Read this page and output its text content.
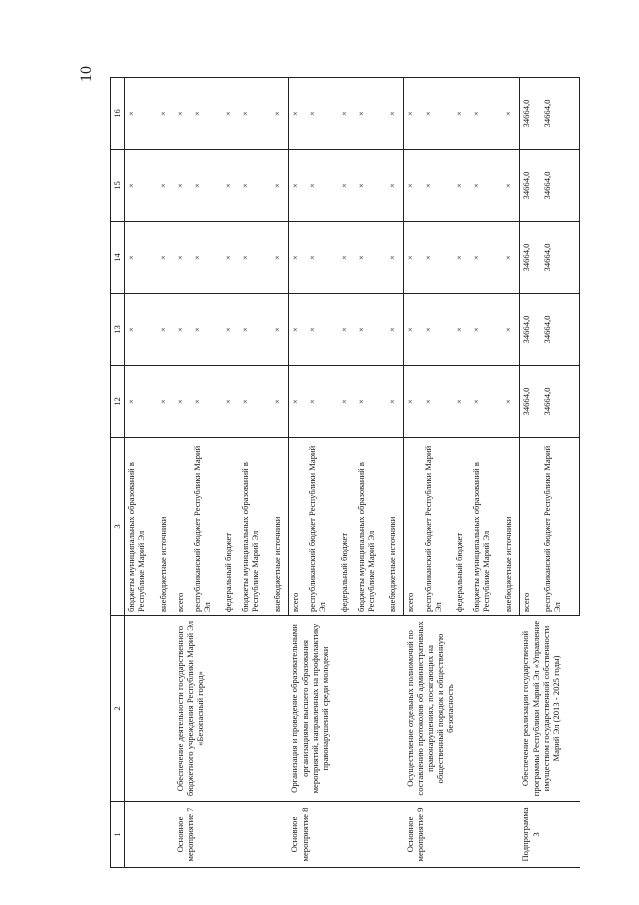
10
1	2	3	12	13	14	15	16
		бюджеты муниципальных образований в Республике Марий Эл	×	×	×	×	×
		внебюджетные источники	×	×	×	×	×
Основное мероприятие 7	Обеспечение деятельности государственного бюджетного учреждения Республики Марий Эл «Безопасный город»	всего	×	×	×	×	×
		республиканский бюджет Республики Марий Эл	×	×	×	×	×
		федеральный бюджет	×	×	×	×	×
		бюджеты муниципальных образований в Республике Марий Эл	×	×	×	×	×
		внебюджетные источники	×	×	×	×	×
Основное мероприятие 8	Организация и проведение образовательными организациями высшего образования мероприятий, направленных на профилактику правонарушений среди молодежи	всего	×	×	×	×	×
		республиканский бюджет Республики Марий Эл	×	×	×	×	×
		федеральный бюджет	×	×	×	×	×
		бюджеты муниципальных образований в Республике Марий Эл	×	×	×	×	×
		внебюджетные источники	×	×	×	×	×
Основное мероприятие 9	Осуществление отдельных полномочий по составлению протоколов об административных правонарушениях, посягающих на общественный порядок и общественную безопасность	всего	×	×	×	×	×
		республиканский бюджет Республики Марий Эл	×	×	×	×	×
		федеральный бюджет	×	×	×	×	×
		бюджеты муниципальных образований в Республике Марий Эл	×	×	×	×	×
		внебюджетные источники	×	×	×	×	×
Подпрограмма 3	Обеспечение реализации государственной программы Республики Марий Эл «Управление имуществом государственной собственности Марий Эл (2013 - 2025 годы)	всего	34664,0	34664,0	34664,0	34664,0	34664,0
		республиканский бюджет Республики Марий Эл	34664,0	34664,0	34664,0	34664,0	34664,0
